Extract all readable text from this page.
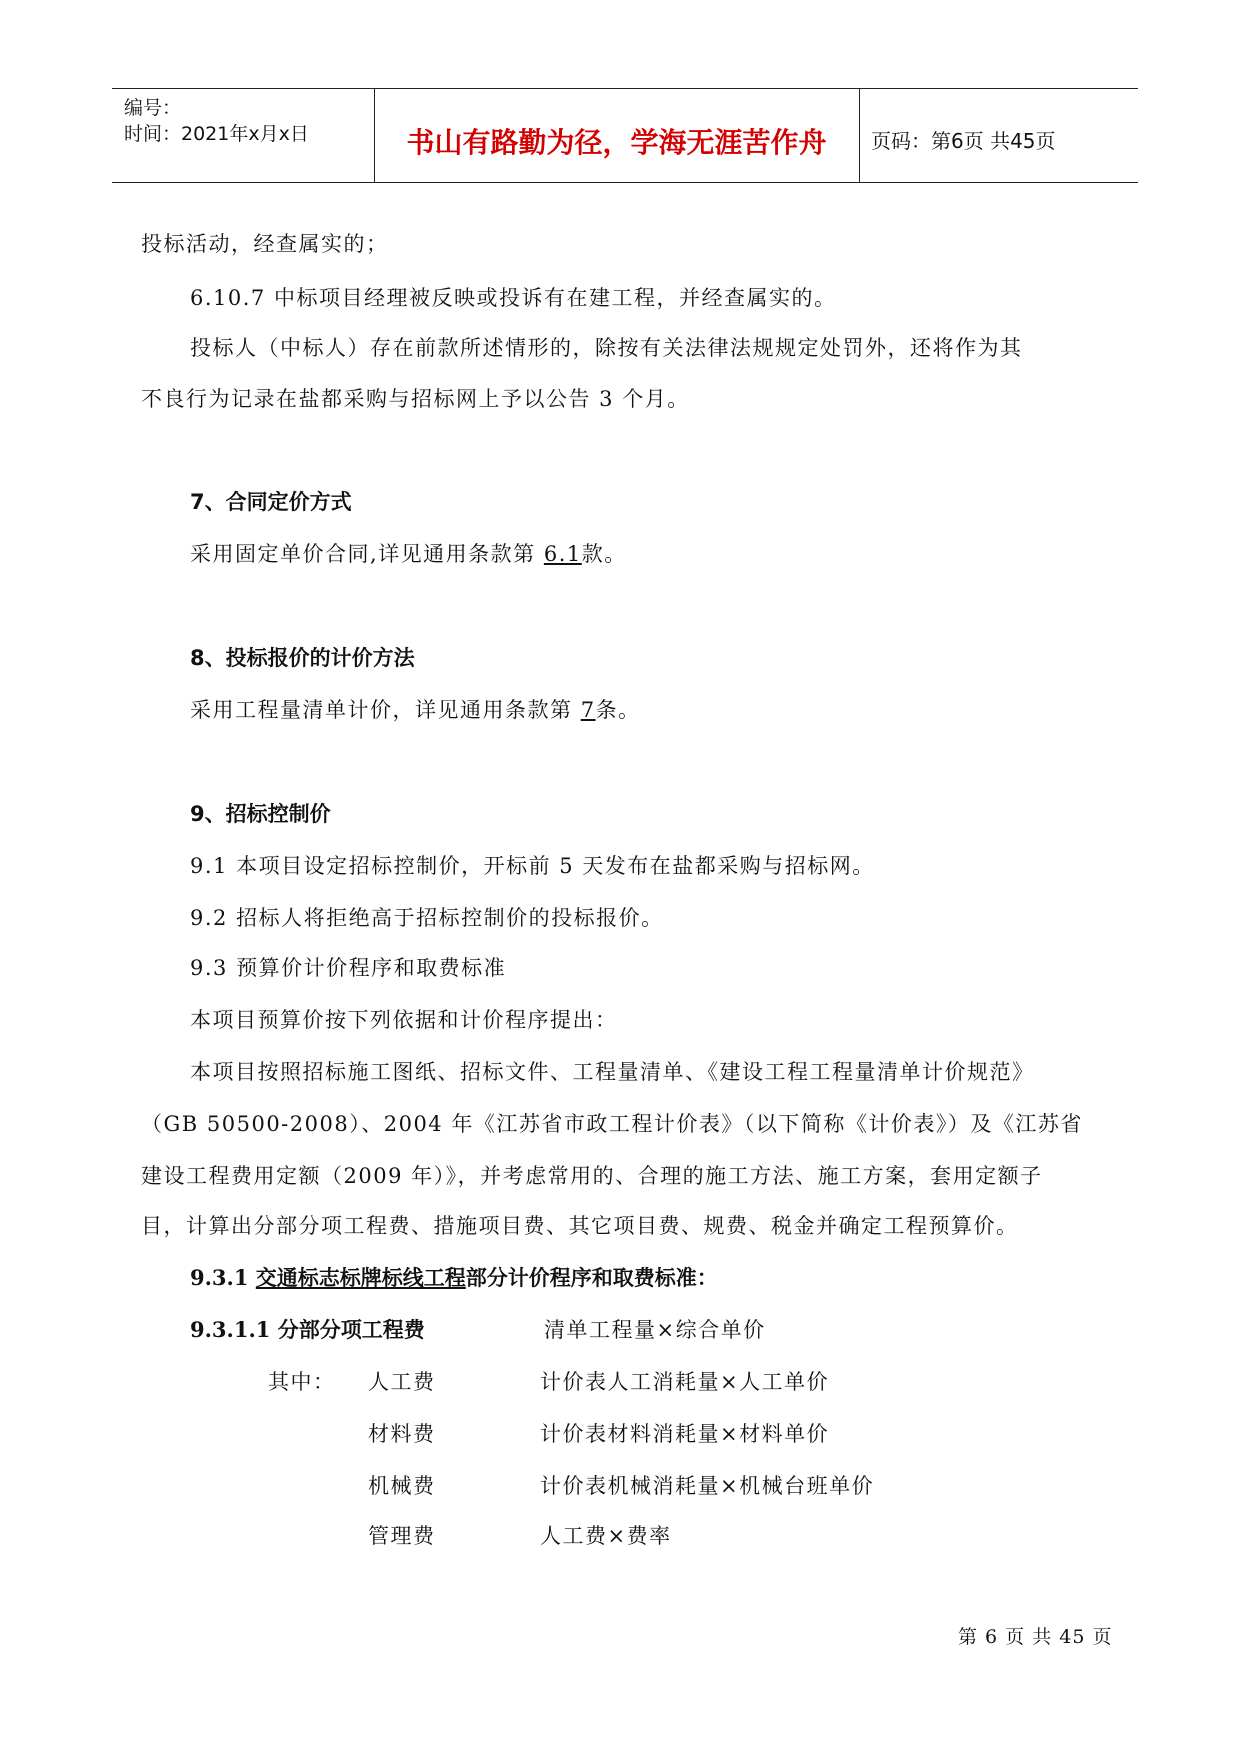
编号：
时间：2021年x月x日	书山有路勤为径，学海无涯苦作舟	页码：第6页 共45页
投标活动，经查属实的；
6.10.7 中标项目经理被反映或投诉有在建工程，并经查属实的。
投标人（中标人）存在前款所述情形的，除按有关法律法规规定处罚外，还将作为其
不良行为记录在盐都采购与招标网上予以公告 3 个月。
7、合同定价方式
采用固定单价合同,详见通用条款第 6.1款。
8、投标报价的计价方法
采用工程量清单计价，详见通用条款第 7条。
9、招标控制价
9.1 本项目设定招标控制价，开标前 5 天发布在盐都采购与招标网。
9.2 招标人将拒绝高于招标控制价的投标报价。
9.3 预算价计价程序和取费标准
本项目预算价按下列依据和计价程序提出：
本项目按照招标施工图纸、招标文件、工程量清单、《建设工程工程量清单计价规范》
（GB 50500-2008）、2004 年《江苏省市政工程计价表》（以下简称《计价表》）及《江苏省
建设工程费用定额（2009 年）》，并考虑常用的、合理的施工方法、施工方案，套用定额子
目，计算出分部分项工程费、措施项目费、其它项目费、规费、税金并确定工程预算价。
9.3.1 交通标志标牌标线工程部分计价程序和取费标准：
9.3.1.1 分部分项工程费	清单工程量×综合单价
其中： 人工费	计价表人工消耗量×人工单价
材料费	计价表材料消耗量×材料单价
机械费	计价表机械消耗量×机械台班单价
管理费	人工费×费率
第 6 页 共 45 页
